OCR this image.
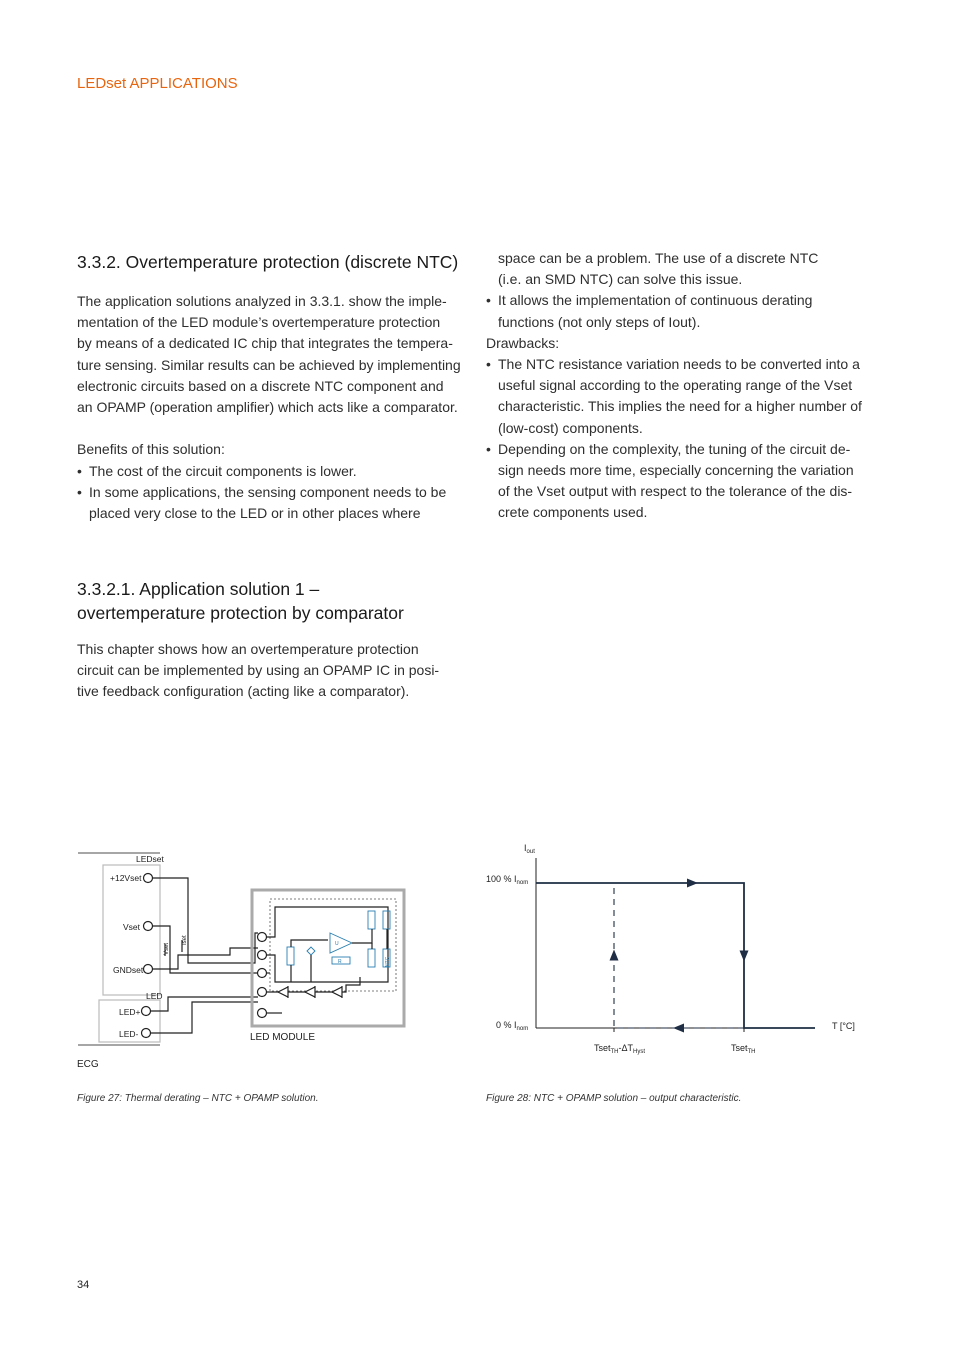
LEDset APPLICATIONS
3.3.2. Overtemperature protection (discrete NTC)

The application solutions analyzed in 3.3.1. show the imple-

mentation of the LED module’s overtemperature protection

by means of a dedicated IC chip that integrates the tempera-

ture sensing. Similar results can be achieved by implementing

electronic circuits based on a discrete NTC component and

an OPAMP (operation amplifier) which acts like a comparator.

Benefits of this solution:

• The cost of the circuit components is lower.

• In some applications, the sensing component needs to be

placed very close to the LED or in other places where

space can be a problem. The use of a discrete NTC

(i.e. an SMD NTC) can solve this issue.

• It allows the implementation of continuous derating

functions (not only steps of Iout).

Drawbacks:

• The NTC resistance variation needs to be converted into a

useful signal according to the operating range of the Vset

characteristic. This implies the need for a higher number of

(low-cost) components.

• Depending on the complexity, the tuning of the circuit de-

sign needs more time, especially concerning the variation

of the Vset output with respect to the tolerance of the dis-

crete components used.

3.3.2.1. Application solution 1 –
overtemperature protection by comparator

This chapter shows how an overtemperature protection

circuit can be implemented by using an OPAMP IC in posi-

tive feedback configuration (acting like a comparator).

LEDset
+12Vset
Vset
GNDset
LED
LED+
LED-
ECG
LED MODULE
Vset
Iset
NTC
U
R
Figure 27: Thermal derating – NTC + OPAMP solution.
$I_{out}$
100 % $I_{nom}$
0 % $I_{nom}$	T [°C]
$Tset_{TH}-\Delta T_{Hyst}$	Tset$_{TH}$
Figure 28: NTC + OPAMP solution – output characteristic.
34
